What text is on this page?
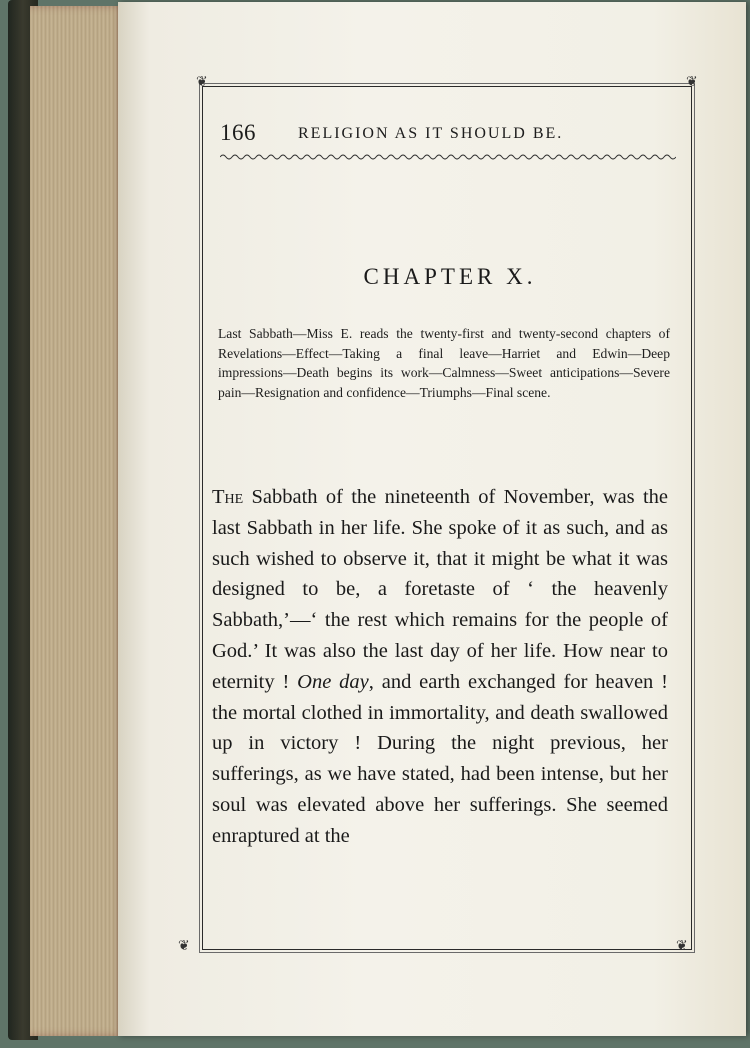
❦	❦
❦	❦
166	RELIGION AS IT SHOULD BE.
CHAPTER X.
Last Sabbath—Miss E. reads the twenty-first and twenty-second chapters of Revelations—Effect—Taking a final leave—Harriet and Edwin—Deep impressions—Death begins its work—Calmness—Sweet anticipations—Severe pain—Resignation and confidence—Triumphs—Final scene.
The Sabbath of the nineteenth of November, was the last Sabbath in her life. She spoke of it as such, and as such wished to observe it, that it might be what it was designed to be, a foretaste of ‘ the heavenly Sabbath,’—‘ the rest which remains for the people of God.’ It was also the last day of her life. How near to eternity ! One day, and earth exchanged for heaven ! the mortal clothed in immortality, and death swallowed up in victory ! During the night previous, her sufferings, as we have stated, had been intense, but her soul was elevated above her sufferings. She seemed enraptured at the
